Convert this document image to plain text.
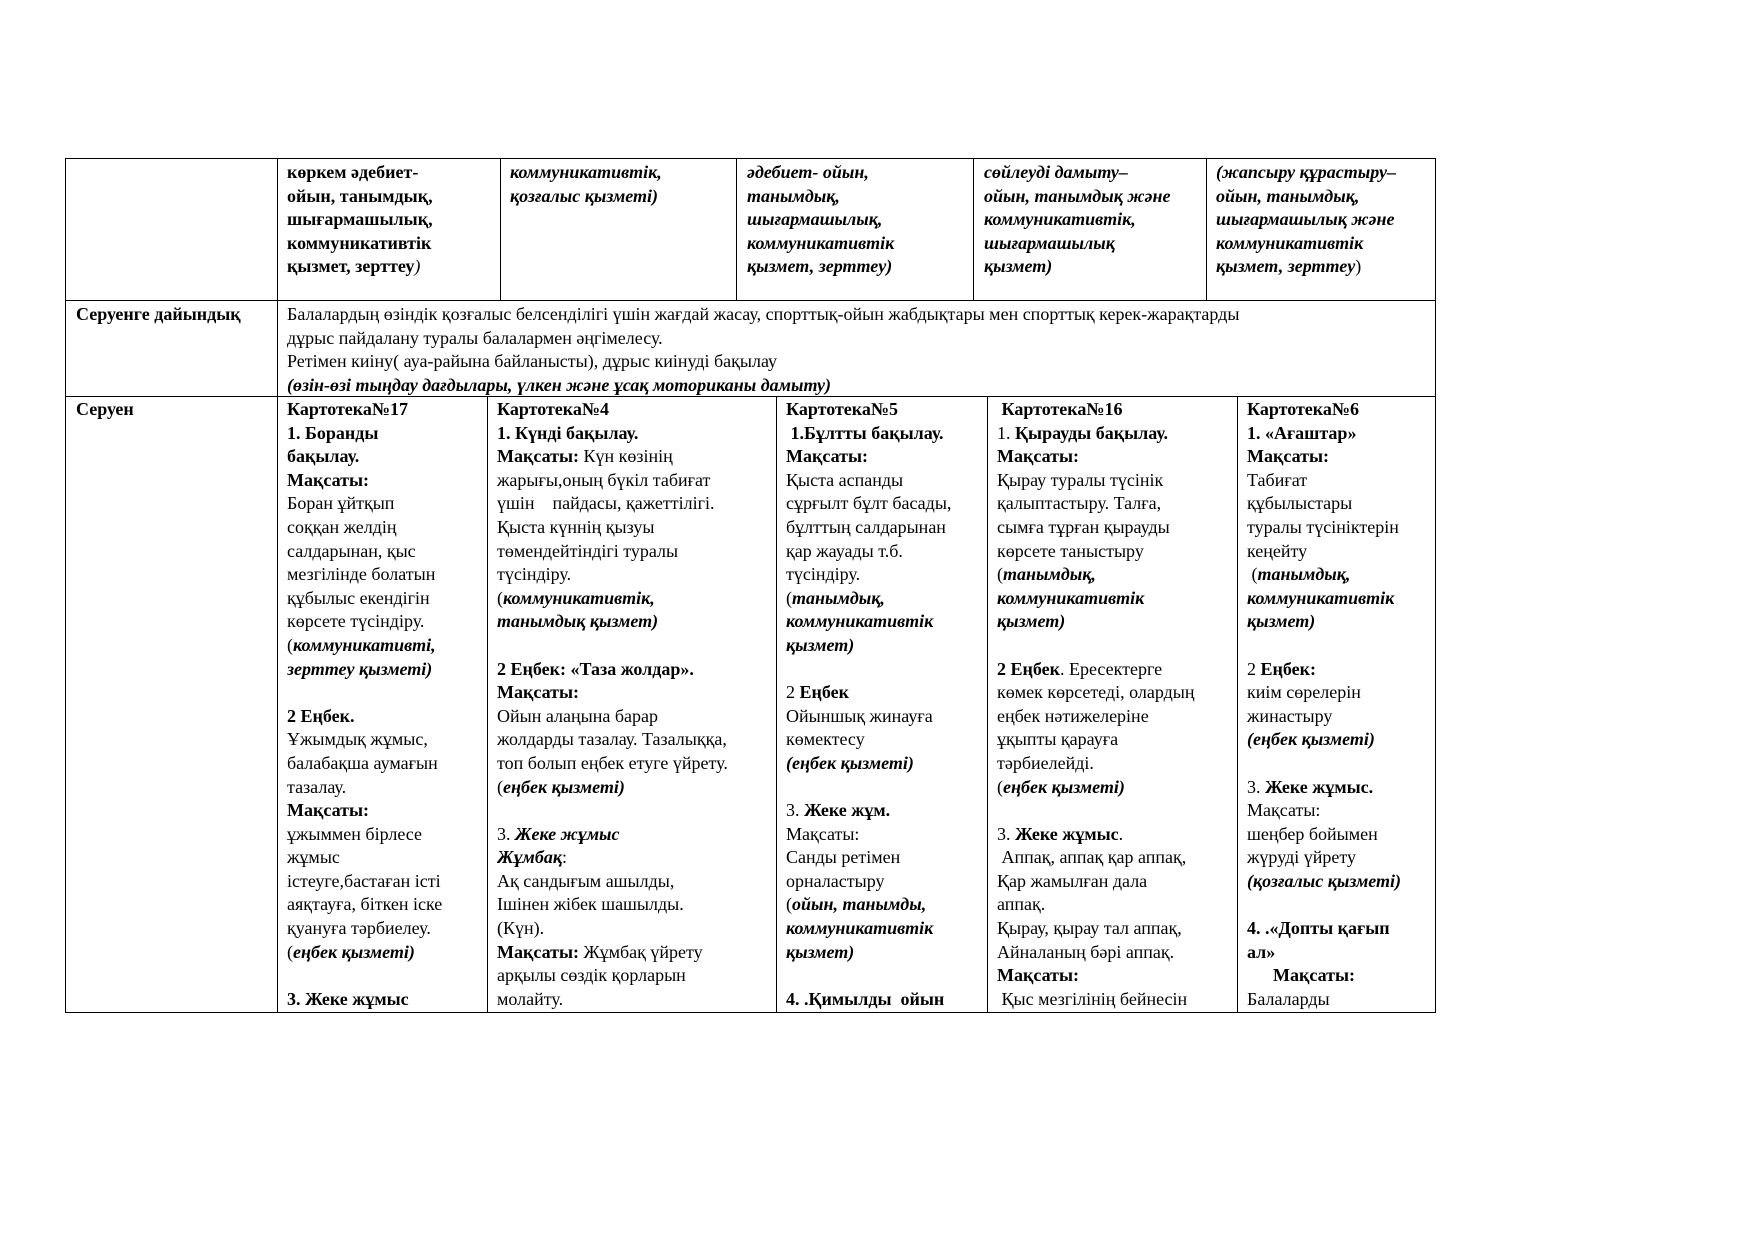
көркем әдебиет-

ойын, танымдық,

шығармашылық,

коммуникативтік

қызмет, зерттеу)

коммуникативтік,

қозғалыс қызметі)

әдебиет- ойын,

танымдық,

шығармашылық,

коммуникативтік

қызмет, зерттеу)

сөйлеуді дамыту–

ойын, танымдық және

коммуникативтік,

шығармашылық

қызмет)

(жапсыру құрастыру–

ойын, танымдық,

шығармашылық және

коммуникативтік

қызмет, зерттеу)

Серуенге дайындық	Балалардың өзіндік қозғалыс белсенділігі үшін жағдай жасау, спорттық-ойын жабдықтары мен спорттық керек-жарақтарды

дұрыс пайдалану туралы балалармен әңгімелесу.

Ретімен киіну( ауа-райына байланысты), дұрыс киінуді бақылау

(өзін-өзі тыңдау дағдылары, үлкен және ұсақ моториканы дамыту)

Серуен	Картотека№17

1. Боранды

бақылау.

Мақсаты:

Боран ұйтқып

соққан желдің

салдарынан, қыс

мезгілінде болатын

құбылыс екендігін

көрсете түсіндіру.

(коммуникативті,

зерттеу қызметі)

2 Еңбек.

Ұжымдық жұмыс,

балабақша аумағын

тазалау.

Мақсаты:

ұжыммен бірлесе

жұмыс

істеуге,бастаған істі

аяқтауға, біткен іске

қуануға тәрбиелеу.

(еңбек қызметі)

3. Жеке жұмыс

Картотека№4

1. Күнді бақылау.

Мақсаты: Күн көзінің

жарығы,оның бүкіл табиғат

үшін    пайдасы, қажеттілігі.

Қыста күннің қызуы

төмендейтіндігі туралы

түсіндіру.

(коммуникативтік,

танымдық қызмет)

2 Еңбек: «Таза жолдар».

Мақсаты:

Ойын алаңына барар

жолдарды тазалау. Тазалыққа,

топ болып еңбек етуге үйрету.

(еңбек қызметі)

3. Жеке жұмыс

Жұмбақ:

Ақ сандығым ашылды,

Ішінен жібек шашылды.

(Күн).

Мақсаты: Жұмбақ үйрету

арқылы сөздік қорларын

молайту.

Картотека№5

1.Бұлтты бақылау.

Мақсаты:

Қыста аспанды

сұрғылт бұлт басады,

бұлттың салдарынан

қар жауады т.б.

түсіндіру.

(танымдық,

коммуникативтік

қызмет)

2 Еңбек

Ойыншық жинауға

көмектесу

(еңбек қызметі)

3. Жеке жұм.

Мақсаты:

Санды ретімен

орналастыру

(ойын, танымды,

коммуникативтік

қызмет)

4. .Қимылды  ойын

Картотека№16

1. Қырауды бақылау.

Мақсаты:

Қырау туралы түсінік

қалыптастыру. Талға,

сымға тұрған қырауды

көрсете таныстыру

(танымдық,

коммуникативтік

қызмет)

2 Еңбек. Ересектерге

көмек көрсетеді, олардың

еңбек нәтижелеріне

ұқыпты қарауға

тәрбиелейді.

(еңбек қызметі)

3. Жеке жұмыс.

Аппақ, аппақ қар аппақ,

Қар жамылған дала

аппақ.

Қырау, қырау тал аппақ,

Айналаның бәрі аппақ.

Мақсаты:

Қыс мезгілінің бейнесін

Картотека№6

1. «Ағаштар»

Мақсаты:

Табиғат

құбылыстары

туралы түсініктерін

кеңейту

(танымдық,

коммуникативтік

қызмет)

2 Еңбек:

киім сөрелерін

жинастыру

(еңбек қызметі)

3. Жеке жұмыс.

Мақсаты:

шеңбер бойымен

жүруді үйрету

(қозғалыс қызметі)

4. .«Допты қағып

ал»

Мақсаты:

Балаларды
